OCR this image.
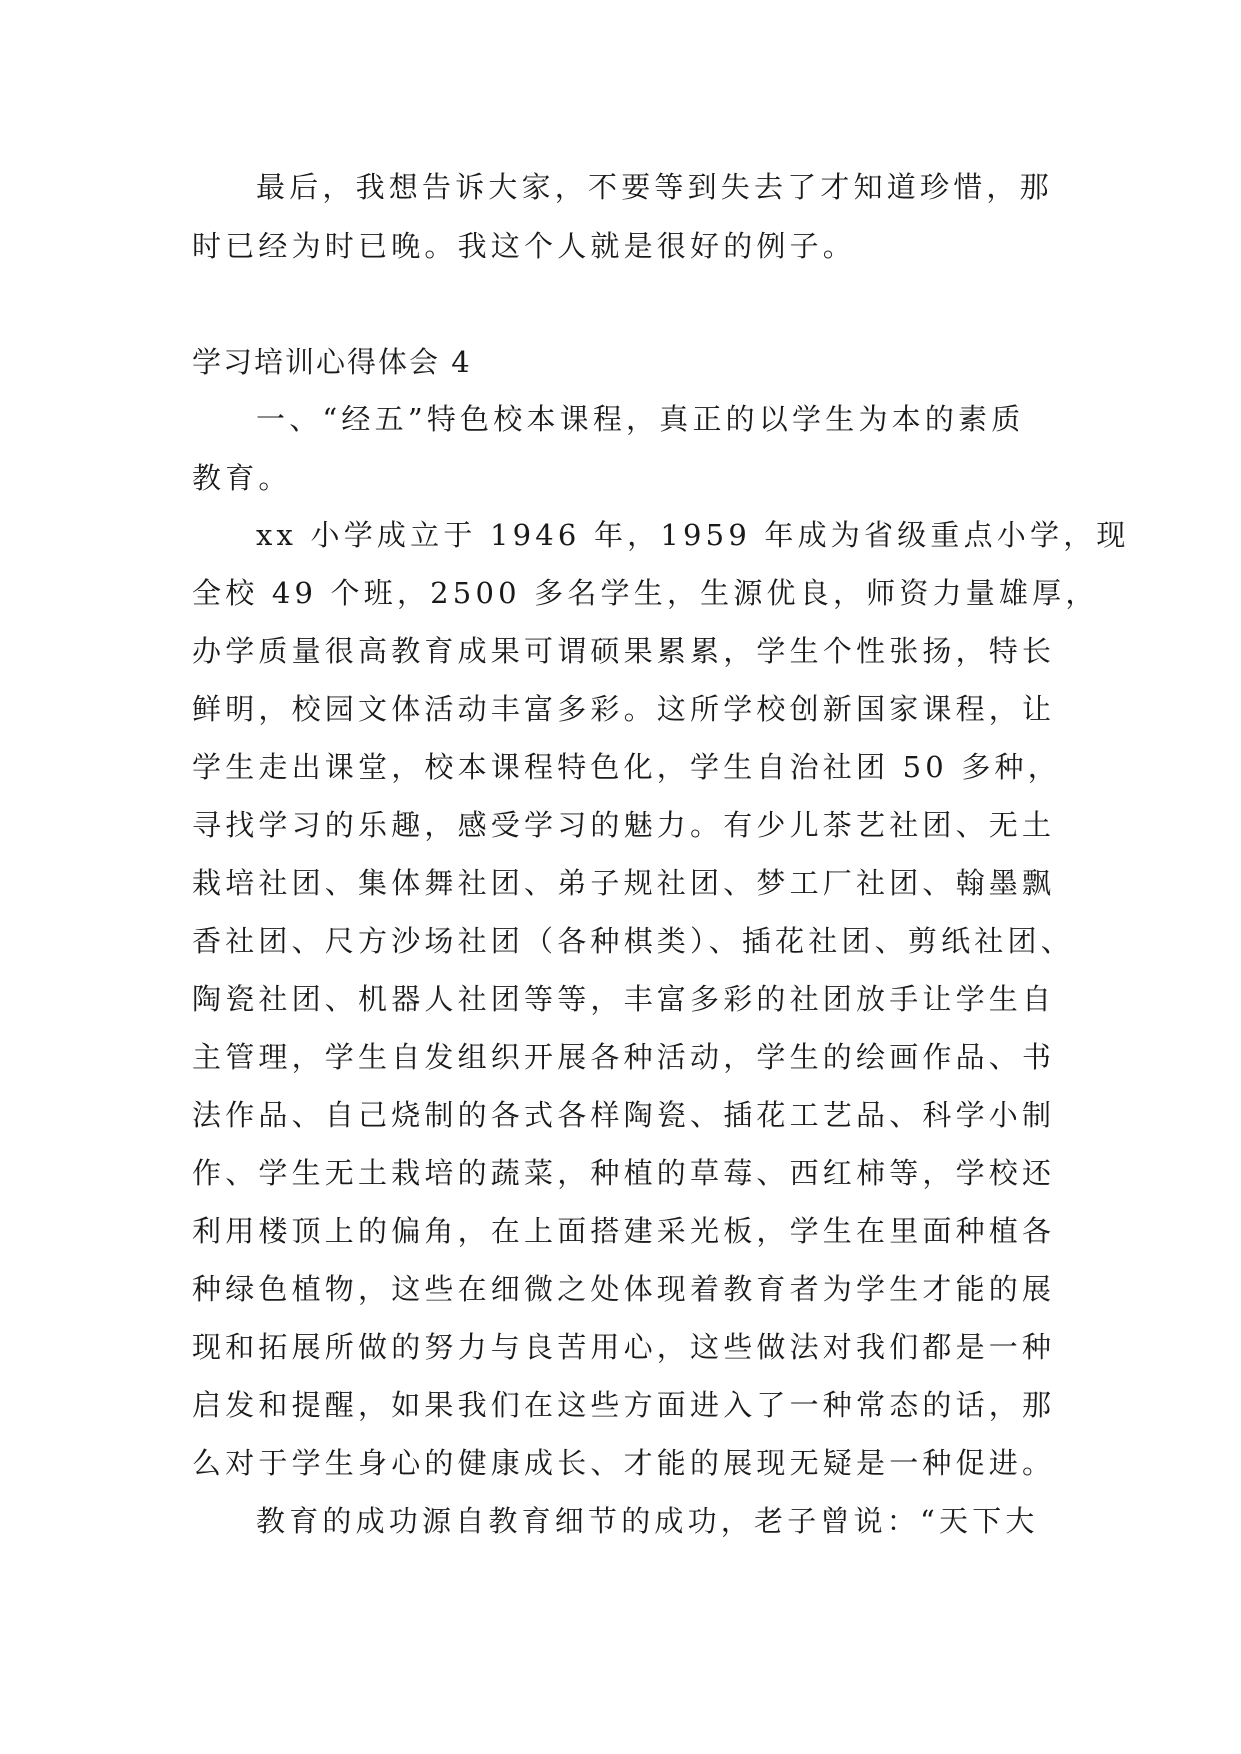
最后，我想告诉大家，不要等到失去了才知道珍惜，那
时已经为时已晚。我这个人就是很好的例子。
学习培训心得体会 4
一、“经五”特色校本课程，真正的以学生为本的素质
教育。
xx 小学成立于 1946 年，1959 年成为省级重点小学，现
全校 49 个班，2500 多名学生，生源优良，师资力量雄厚，
办学质量很高教育成果可谓硕果累累，学生个性张扬，特长
鲜明，校园文体活动丰富多彩。这所学校创新国家课程，让
学生走出课堂，校本课程特色化，学生自治社团 50 多种，
寻找学习的乐趣，感受学习的魅力。有少儿茶艺社团、无土
栽培社团、集体舞社团、弟子规社团、梦工厂社团、翰墨飘
香社团、尺方沙场社团（各种棋类）、插花社团、剪纸社团、
陶瓷社团、机器人社团等等，丰富多彩的社团放手让学生自
主管理，学生自发组织开展各种活动，学生的绘画作品、书
法作品、自己烧制的各式各样陶瓷、插花工艺品、科学小制
作、学生无土栽培的蔬菜，种植的草莓、西红柿等，学校还
利用楼顶上的偏角，在上面搭建采光板，学生在里面种植各
种绿色植物，这些在细微之处体现着教育者为学生才能的展
现和拓展所做的努力与良苦用心，这些做法对我们都是一种
启发和提醒，如果我们在这些方面进入了一种常态的话，那
么对于学生身心的健康成长、才能的展现无疑是一种促进。
教育的成功源自教育细节的成功，老子曾说：“天下大
